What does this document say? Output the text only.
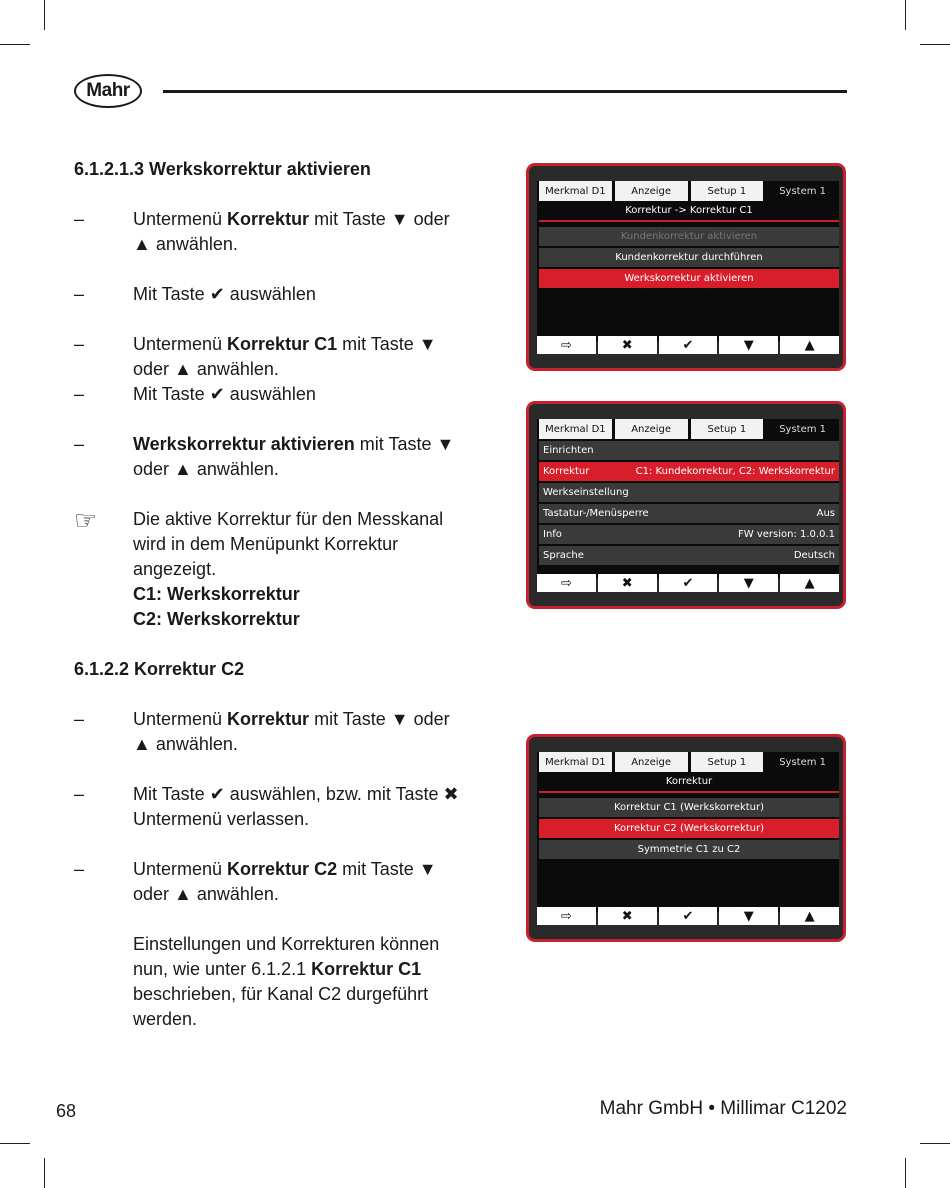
Mahr

6.1.2.1.3 Werkskorrektur aktivieren

–	Untermenü Korrektur mit Taste ▼ oder ▲ anwählen.
–	Mit Taste ✔ auswählen
–	Untermenü Korrektur C1 mit Taste ▼ oder ▲ anwählen.
–	Mit Taste ✔ auswählen
–	Werkskorrektur aktivieren mit Taste ▼ oder ▲ anwählen.
☞ Die aktive Korrektur für den Messkanal wird in dem Menüpunkt Korrektur angezeigt.
C1: Werkskorrektur
C2: Werkskorrektur

6.1.2.2 Korrektur C2

–	Untermenü Korrektur mit Taste ▼ oder ▲ anwählen.
–	Mit Taste ✔ auswählen, bzw. mit Taste ✖ Untermenü verlassen.
–	Untermenü Korrektur C2 mit Taste ▼ oder ▲ anwählen.
Einstellungen und Korrekturen können nun, wie unter 6.1.2.1 Korrektur C1 beschrieben, für Kanal C2 durgeführt werden.
Merkmal D1	Anzeige	Setup 1	System 1
Korrektur -> Korrektur C1
Kundenkorrektur aktivieren
Kundenkorrektur durchführen
Werkskorrektur aktivieren
⇨	✖	✔	▼	▲
Merkmal D1	Anzeige	Setup 1	System 1
Einrichten
Korrektur	C1: Kundekorrektur, C2: Werkskorrektur
Werkseinstellung
Tastatur-/Menüsperre	Aus
Info	FW version: 1.0.0.1
Sprache	Deutsch
⇨	✖	✔	▼	▲
Merkmal D1	Anzeige	Setup 1	System 1
Korrektur
Korrektur C1 (Werkskorrektur)
Korrektur C2 (Werkskorrektur)
Symmetrie C1 zu C2
⇨	✖	✔	▼	▲
68	Mahr GmbH • Millimar C1202
